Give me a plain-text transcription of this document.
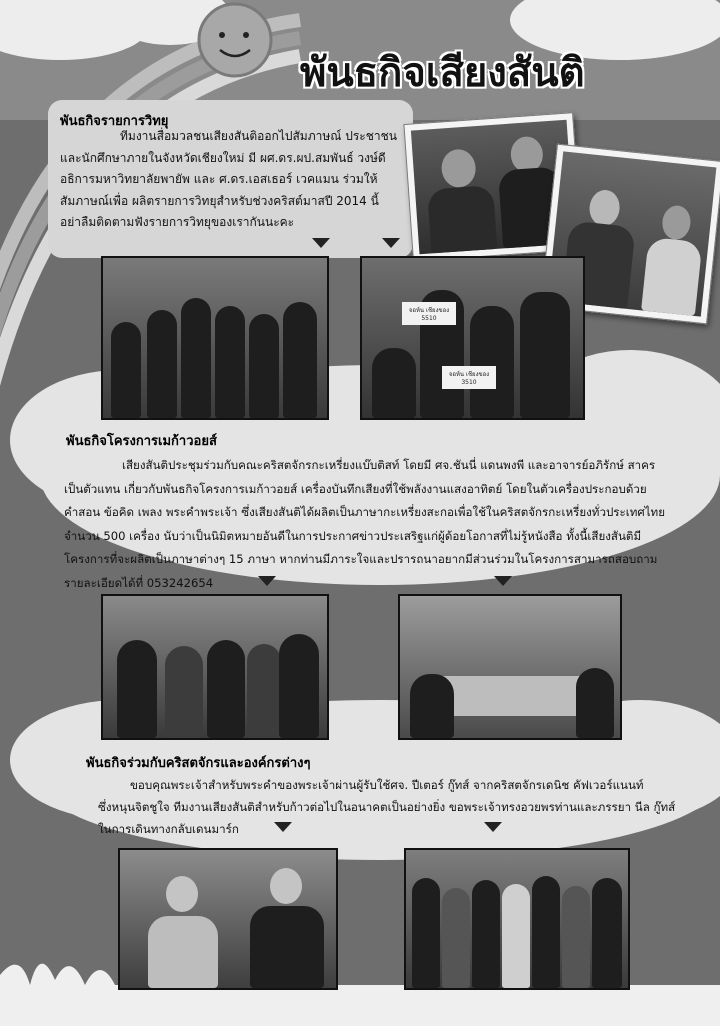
พันธกิจเสียงสันติ
พันธกิจรายการวิทยุ
ทีมงานสื่อมวลชนเสียงสันติออกไปสัมภาษณ์ ประชาชน
และนักศึกษาภายในจังหวัดเชียงใหม่ มี ผศ.ดร.ผป.สมพันธ์ วงษ์ดี
อธิการมหาวิทยาลัยพายัพ และ ศ.ดร.เอสเธอร์ เวคแมน ร่วมให้
สัมภาษณ์เพื่อ ผลิตรายการวิทยุสำหรับช่วงคริสต์มาสปี 2014 นี้
อย่าลืมติดตามฟังรายการวิทยุของเรากันนะคะ
จอห์น เชียงของ 3510
จอห์น เชียงของ 5510
พันธกิจโครงการเมก้าวอยส์
เสียงสันติประชุมร่วมกับคณะคริสตจักรกะเหรี่ยงแบ๊บติสท์ โดยมี ศจ.ชันนี่ แดนพงพี และอาจารย์อภิรักษ์ สาคร
เป็นตัวแทน เกี่ยวกับพันธกิจโครงการเมก้าวอยส์ เครื่องบันทึกเสียงที่ใช้พลังงานแสงอาทิตย์ โดยในตัวเครื่องประกอบด้วย
คำสอน ข้อคิด เพลง พระคำพระเจ้า ซึ่งเสียงสันติได้ผลิตเป็นภาษากะเหรี่ยงสะกอเพื่อใช้ในคริสตจักรกะเหรี่ยงทั่วประเทศไทย
จำนวน 500 เครื่อง นับว่าเป็นนิมิตหมายอันดีในการประกาศข่าวประเสริฐแก่ผู้ด้อยโอกาสที่ไม่รู้หนังสือ ทั้งนี้เสียงสันติมี
โครงการที่จะผลิตเป็นภาษาต่างๆ 15 ภาษา หากท่านมีภาระใจและปรารถนาอยากมีส่วนร่วมในโครงการสามารถสอบถาม
รายละเอียดได้ที่ 053242654
พันธกิจร่วมกับคริสตจักรและองค์กรต่างๆ
ขอบคุณพระเจ้าสำหรับพระคำของพระเจ้าผ่านผู้รับใช้ศจ. ปีเตอร์ กู๊ทส์ จากคริสตจักรเดนิช คัฟเวอร์แนนท์
ซึ่งหนุนจิตชูใจ ทีมงานเสียงสันติสำหรับก้าวต่อไปในอนาคตเป็นอย่างยิ่ง ขอพระเจ้าทรงอวยพรท่านและภรรยา นีล กู๊ทส์
ในการเดินทางกลับเดนมาร์ก
